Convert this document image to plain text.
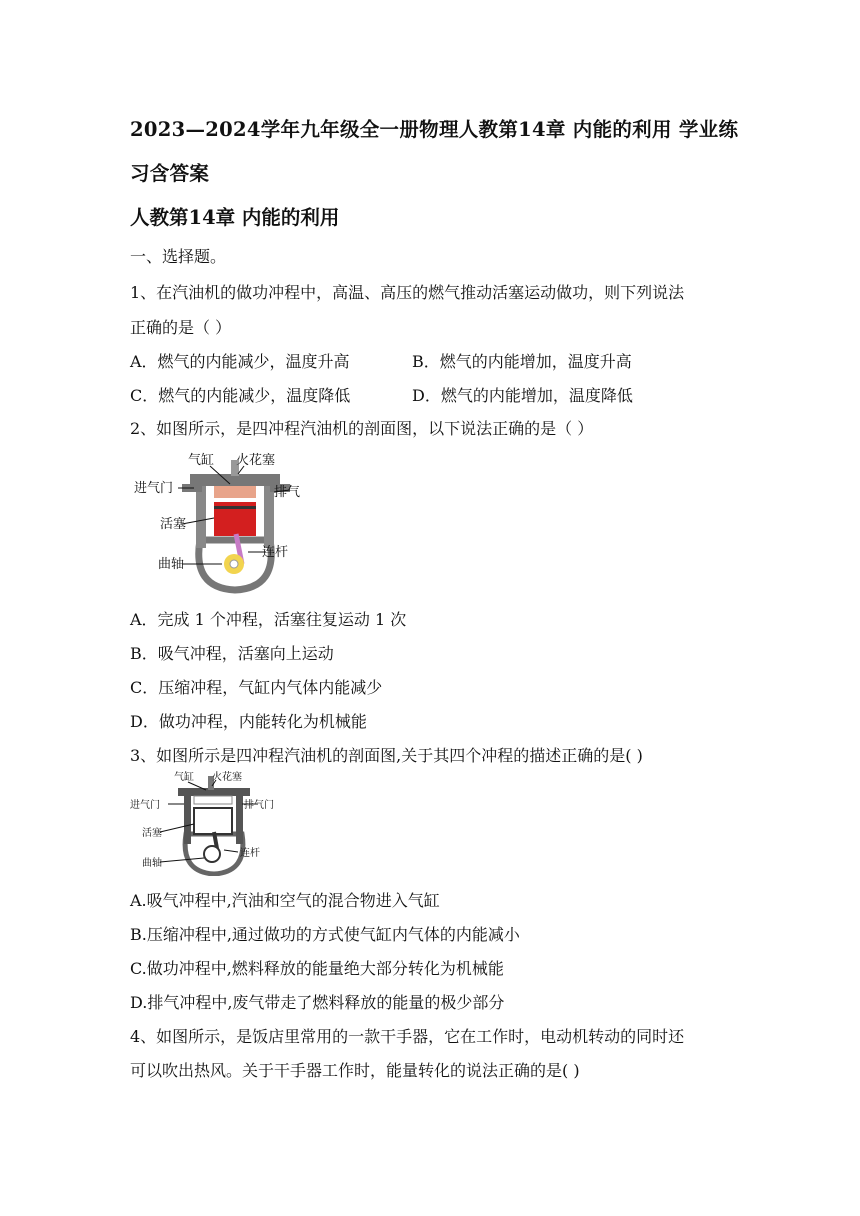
2023—2024学年九年级全一册物理人教第14章 内能的利用 学业练习含答案
人教第14章 内能的利用
一、选择题。
1、在汽油机的做功冲程中，高温、高压的燃气推动活塞运动做功，则下列说法
正确的是（ ）
A．燃气的内能减少，温度升高	B．燃气的内能增加，温度升高
C．燃气的内能减少，温度降低	D．燃气的内能增加，温度降低
2、如图所示，是四冲程汽油机的剖面图，以下说法正确的是（ ）
气缸 火花塞
进气门	排气
活塞
连杆
曲轴
A．完成 1 个冲程，活塞往复运动 1 次
B．吸气冲程，活塞向上运动
C．压缩冲程，气缸内气体内能减少
D．做功冲程，内能转化为机械能
3、如图所示是四冲程汽油机的剖面图,关于其四个冲程的描述正确的是( )
气缸 火花塞
进气门	排气门
活塞
连杆
曲轴
A.吸气冲程中,汽油和空气的混合物进入气缸
B.压缩冲程中,通过做功的方式使气缸内气体的内能减小
C.做功冲程中,燃料释放的能量绝大部分转化为机械能
D.排气冲程中,废气带走了燃料释放的能量的极少部分
4、如图所示，是饭店里常用的一款干手器，它在工作时，电动机转动的同时还
可以吹出热风。关于干手器工作时，能量转化的说法正确的是( )
